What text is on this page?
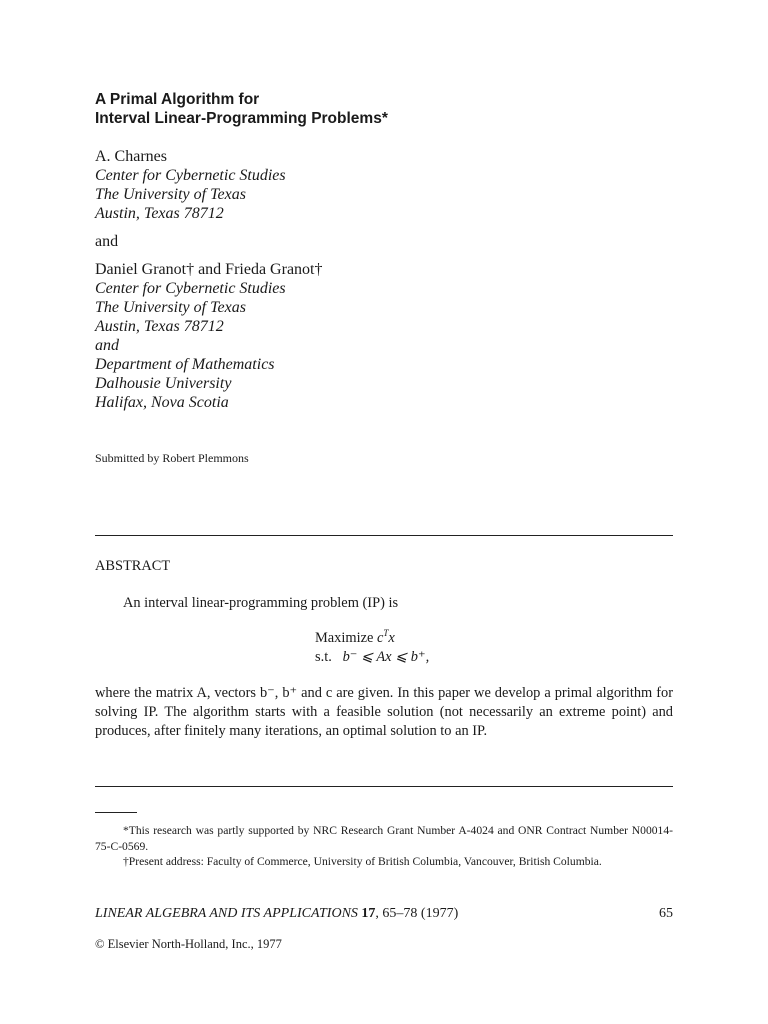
A Primal Algorithm for
Interval Linear-Programming Problems*
A. Charnes
Center for Cybernetic Studies
The University of Texas
Austin, Texas 78712
and
Daniel Granot† and Frieda Granot†
Center for Cybernetic Studies
The University of Texas
Austin, Texas 78712
and
Department of Mathematics
Dalhousie University
Halifax, Nova Scotia
Submitted by Robert Plemmons
ABSTRACT
An interval linear-programming problem (IP) is
Maximize $c^Tx$
s.t. b⁻ ⩽ Ax ⩽ b⁺,
where the matrix A, vectors b⁻, b⁺ and c are given. In this paper we develop a primal algorithm for solving IP. The algorithm starts with a feasible solution (not necessarily an extreme point) and produces, after finitely many iterations, an optimal solution to an IP.
*This research was partly supported by NRC Research Grant Number A-4024 and ONR Contract Number N00014-75-C-0569.
†Present address: Faculty of Commerce, University of British Columbia, Vancouver, British Columbia.
LINEAR ALGEBRA AND ITS APPLICATIONS 17, 65–78 (1977)	65
© Elsevier North-Holland, Inc., 1977
